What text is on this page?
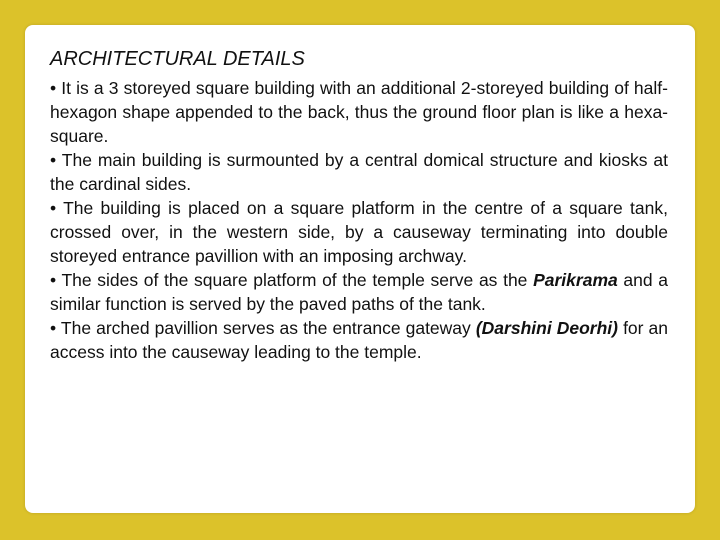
ARCHITECTURAL DETAILS

• It is a 3 storeyed square building with an additional 2-storeyed building of half-hexagon shape appended to the back, thus the ground floor plan is like a hexa-square.

• The main building is surmounted by a central domical structure and kiosks at the cardinal sides.

• The building is placed on a square platform in the centre of a square tank, crossed over, in the western side, by a causeway terminating into double storeyed entrance pavillion with an imposing archway.

• The sides of the square platform of the temple serve as the Parikrama and a similar function is served by the paved paths of the tank.

• The arched pavillion serves as the entrance gateway (Darshini Deorhi) for an access into the causeway leading to the temple.
